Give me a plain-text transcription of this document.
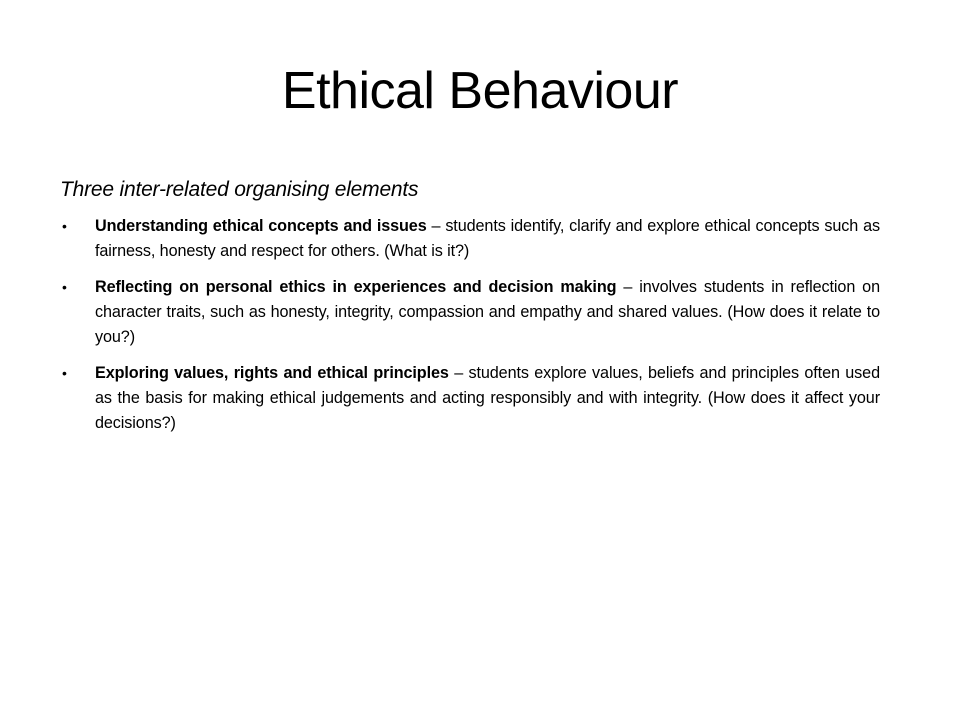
Ethical Behaviour

Three inter-related organising elements

• Understanding ethical concepts and issues – students identify, clarify and explore ethical concepts such as fairness, honesty and respect for others. (What is it?)
• Reflecting on personal ethics in experiences and decision making – involves students in reflection on character traits, such as honesty, integrity, compassion and empathy and shared values. (How does it relate to you?)
• Exploring values, rights and ethical principles – students explore values, beliefs and principles often used as the basis for making ethical judgements and acting responsibly and with integrity. (How does it affect your decisions?)
